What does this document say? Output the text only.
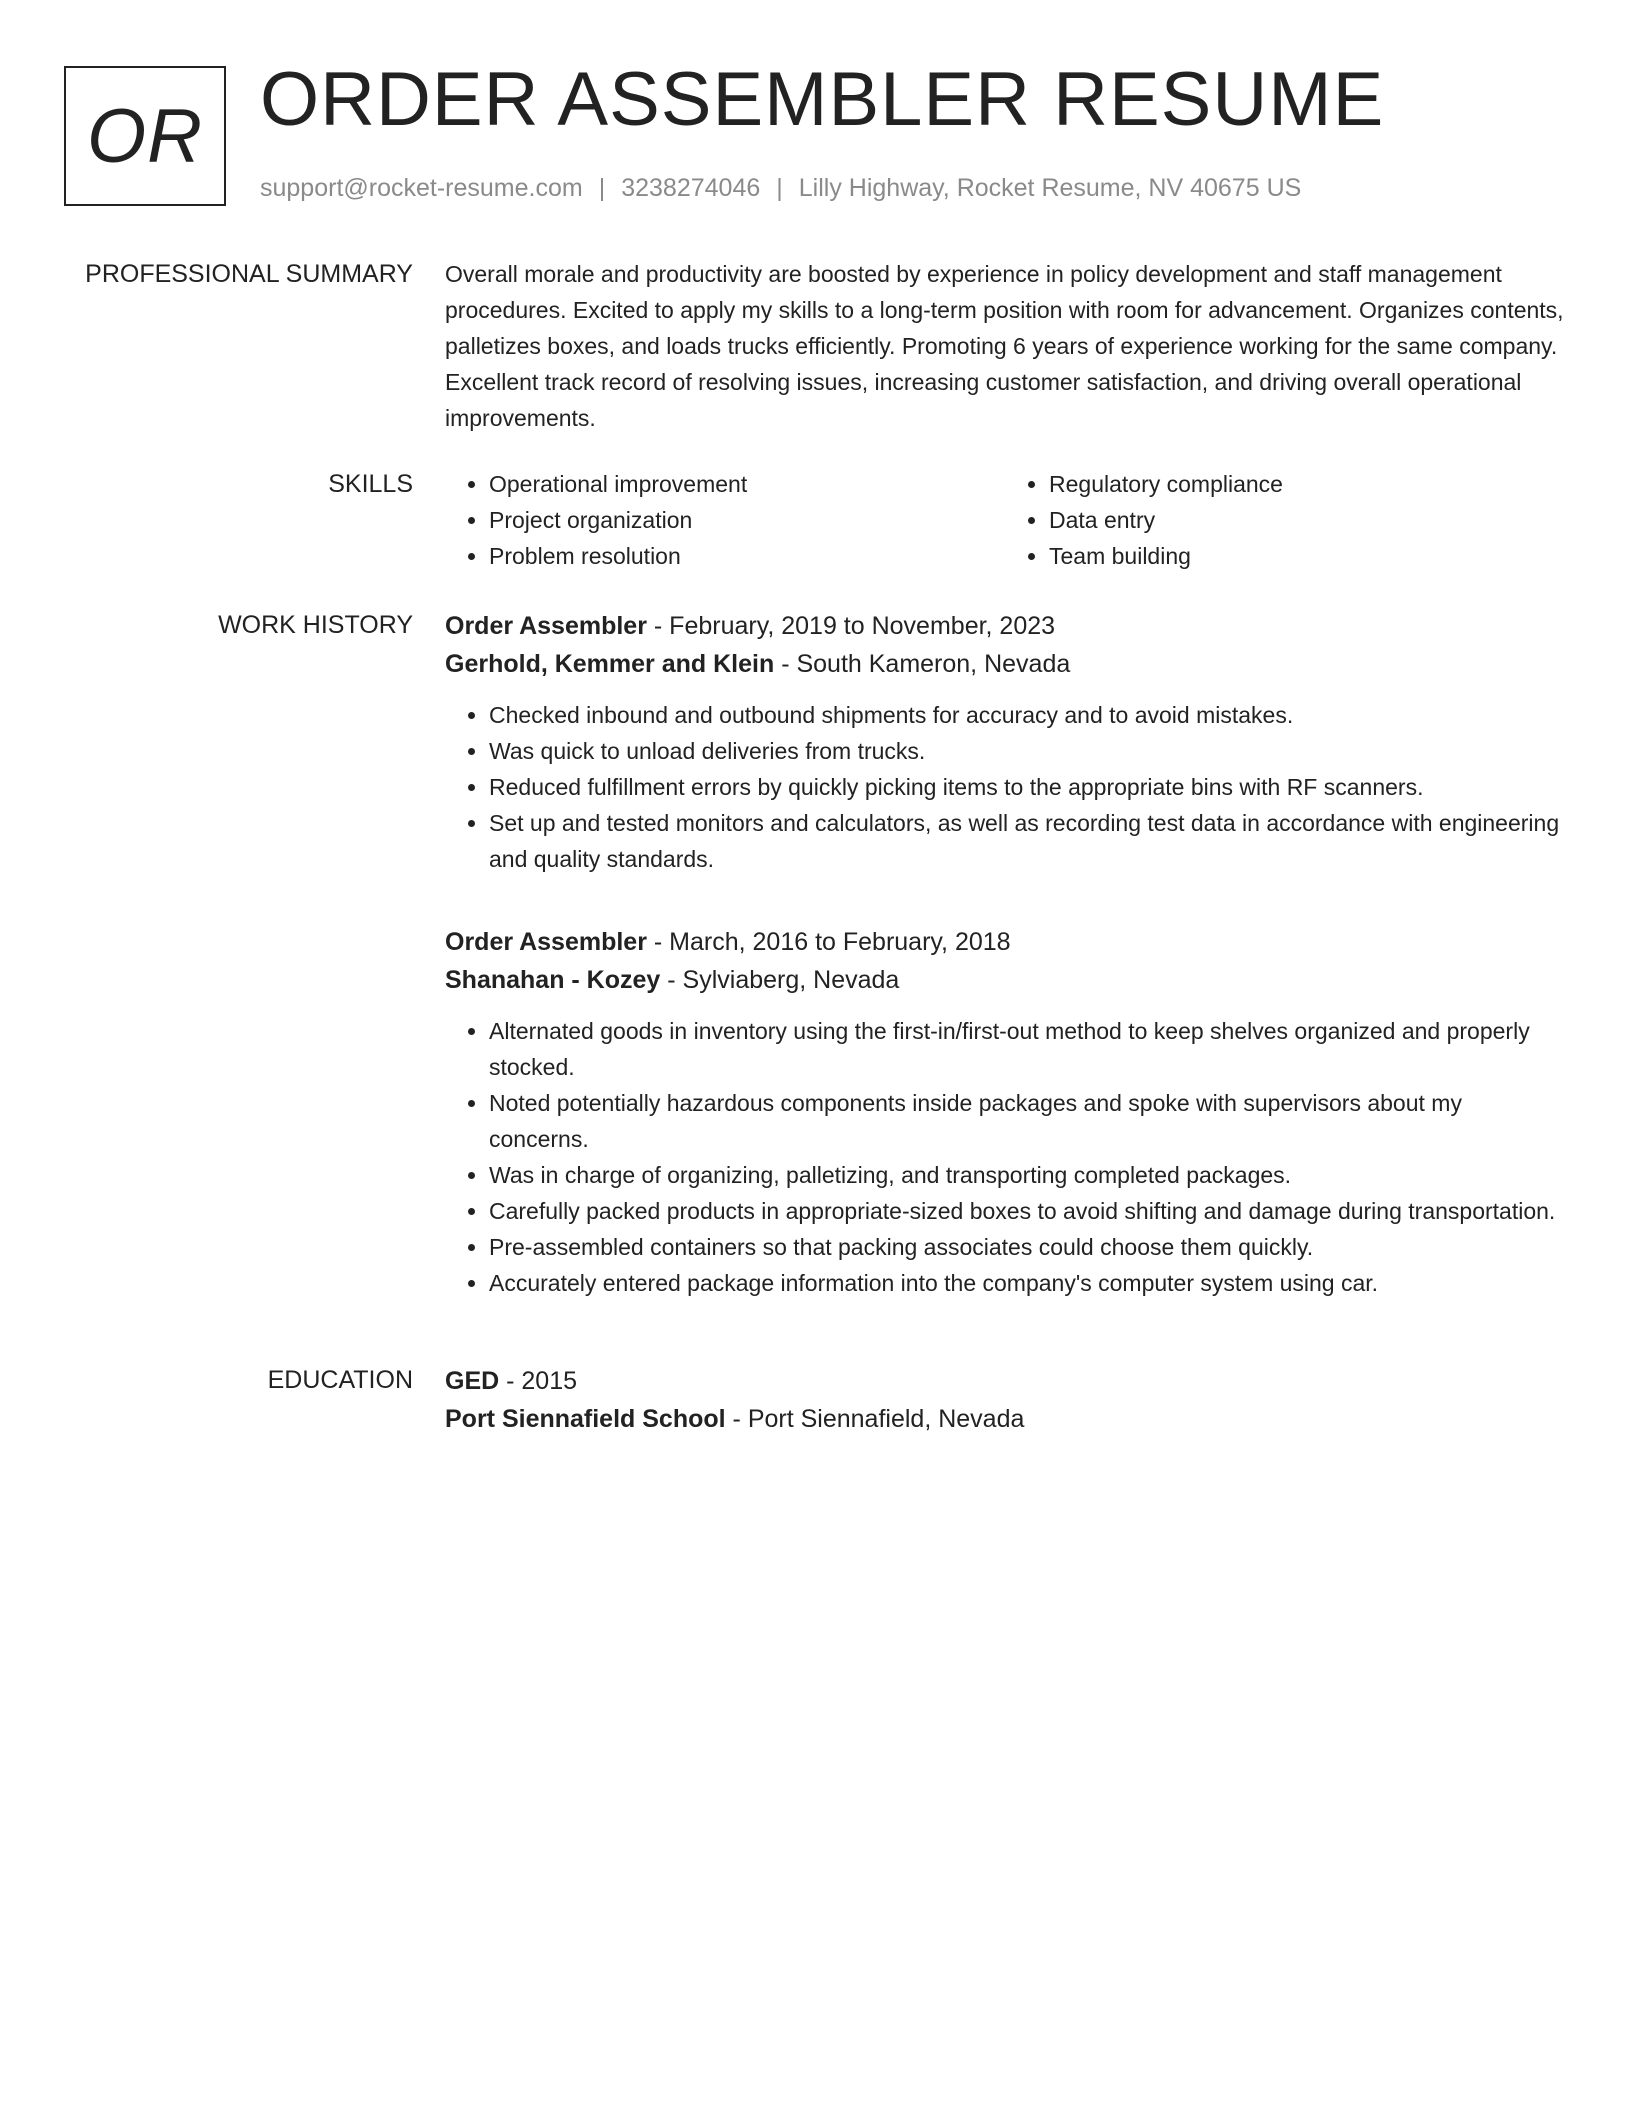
OR ORDER ASSEMBLER RESUME
support@rocket-resume.com | 3238274046 | Lilly Highway, Rocket Resume, NV 40675 US
PROFESSIONAL SUMMARY Overall morale and productivity are boosted by experience in policy development and staff management procedures. Excited to apply my skills to a long-term position with room for advancement. Organizes contents, palletizes boxes, and loads trucks efficiently. Promoting 6 years of experience working for the same company. Excellent track record of resolving issues, increasing customer satisfaction, and driving overall operational improvements.

SKILLS
•	Operational improvement
• Project organization
• Problem resolution
• Regulatory compliance
• Data entry
• Team building
WORK HISTORY Order Assembler - February, 2019 to November, 2023
Gerhold, Kemmer and Klein - South Kameron, Nevada
• Checked inbound and outbound shipments for accuracy and to avoid mistakes.
• Was quick to unload deliveries from trucks.
• Reduced fulfillment errors by quickly picking items to the appropriate bins with RF scanners.
• Set up and tested monitors and calculators, as well as recording test data in accordance with engineering and quality standards.
Order Assembler - March, 2016 to February, 2018
Shanahan - Kozey - Sylviaberg, Nevada
• Alternated goods in inventory using the first-in/first-out method to keep shelves organized and properly stocked.
• Noted potentially hazardous components inside packages and spoke with supervisors about my concerns.
• Was in charge of organizing, palletizing, and transporting completed packages.
• Carefully packed products in appropriate-sized boxes to avoid shifting and damage during transportation.
• Pre-assembled containers so that packing associates could choose them quickly.
• Accurately entered package information into the company's computer system using car.
EDUCATION GED - 2015
Port Siennafield School - Port Siennafield, Nevada
